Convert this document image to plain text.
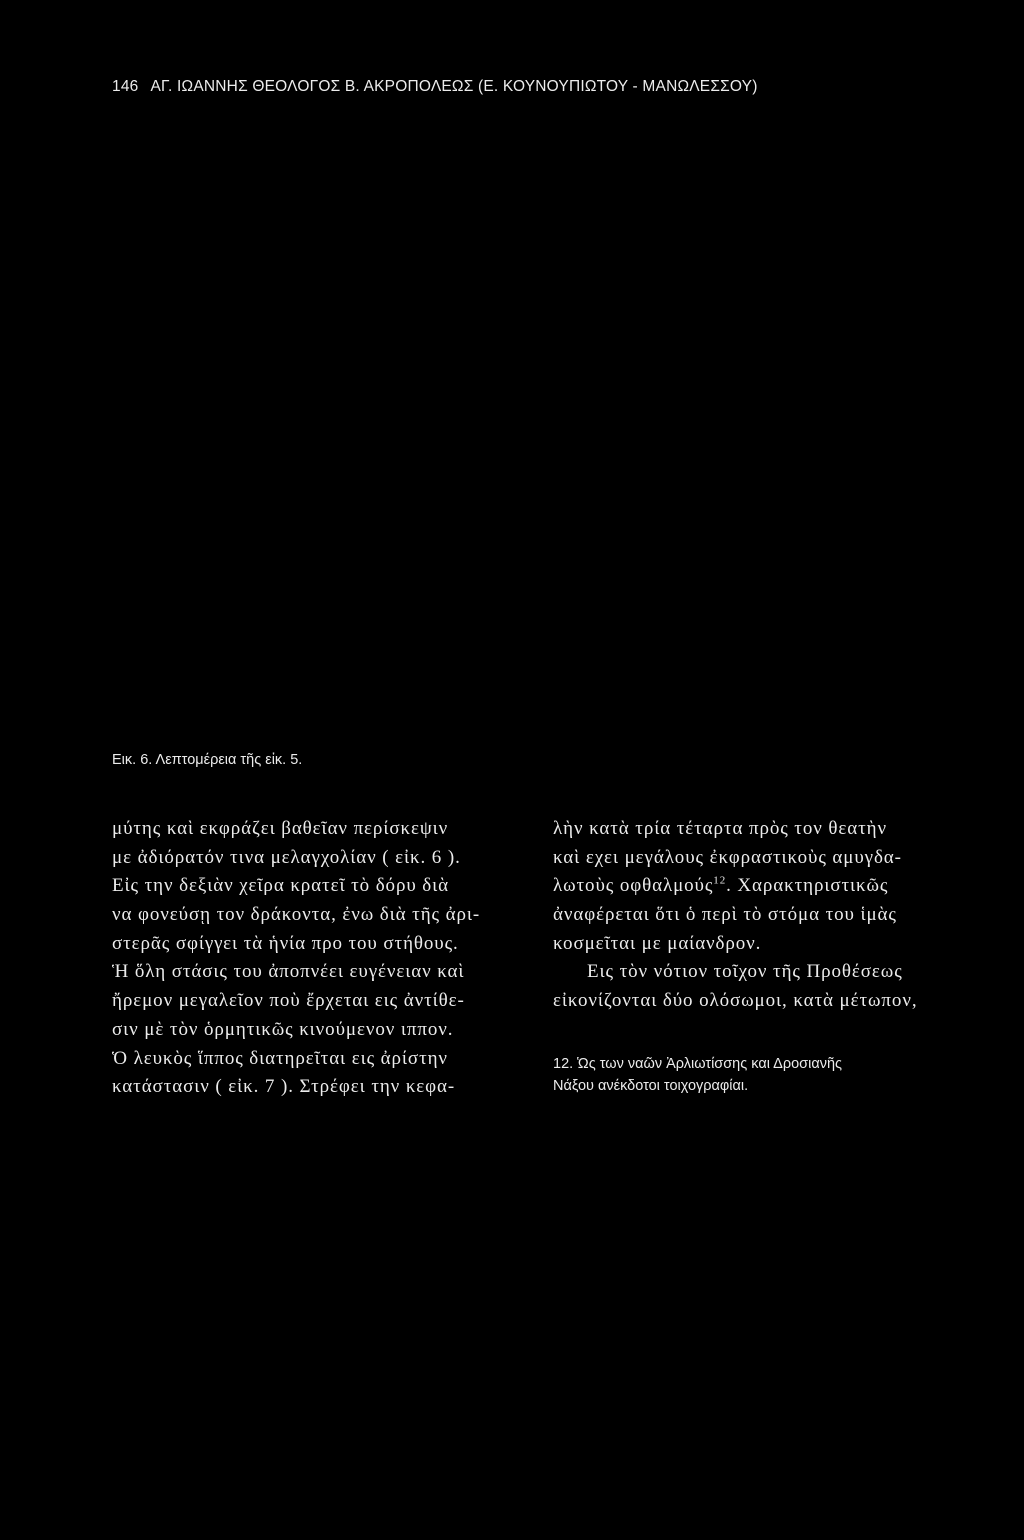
146 ΑΓ. ΙΩΑΝΝΗΣ ΘΕΟΛΟΓΟΣ Β. ΑΚΡΟΠΟΛΕΩΣ (Ε. ΚΟΥΝΟΥΠΙΩΤΟΥ - ΜΑΝΩΛΕΣΣΟΥ)
Εικ. 6. Λεπτομέρεια τῆς εἰκ. 5.
μύτης καὶ εκφράζει βαθεῖαν περίσκεψιν
με ἀδιόρατόν τινα μελαγχολίαν ( εἰκ. 6 ).
Εἰς την δεξιὰν χεῖρα κρατεῖ τὸ δόρυ διὰ
να φονεύσῃ τον δράκοντα, ἐνω διὰ τῆς ἀρι-
στερᾶς σφίγγει τὰ ἡνία προ του στήθους.
Ἡ ὅλη στάσις του ἀποπνέει ευγένειαν καὶ
ἤρεμον μεγαλεῖον ποὺ ἔρχεται εις ἀντίθε-
σιν μὲ τὸν ὁρμητικῶς κινούμενον ιππον.
Ὁ λευκὸς ἵππος διατηρεῖται εις ἀρίστην
κατάστασιν ( εἰκ. 7 ). Στρέφει την κεφα-
λὴν κατὰ τρία τέταρτα πρὸς τον θεατὴν
καὶ εχει μεγάλους ἐκφραστικοὺς αμυγδα-
λωτοὺς οφθαλμούς$^{12}$. Χαρακτηριστικῶς
ἀναφέρεται ὅτι ὁ περὶ τὸ στόμα του ἱμὰς
κοσμεῖται με μαίανδρον.
Εις τὸν νότιον τοῖχον τῆς Προθέσεως
εἰκονίζονται δύο ολόσωμοι, κατὰ μέτωπον,
12. Ὡς των ναῶν Ἀρλιωτίσσης και Δροσιανῆς
Νάξου ανέκδοτοι τοιχογραφίαι.
